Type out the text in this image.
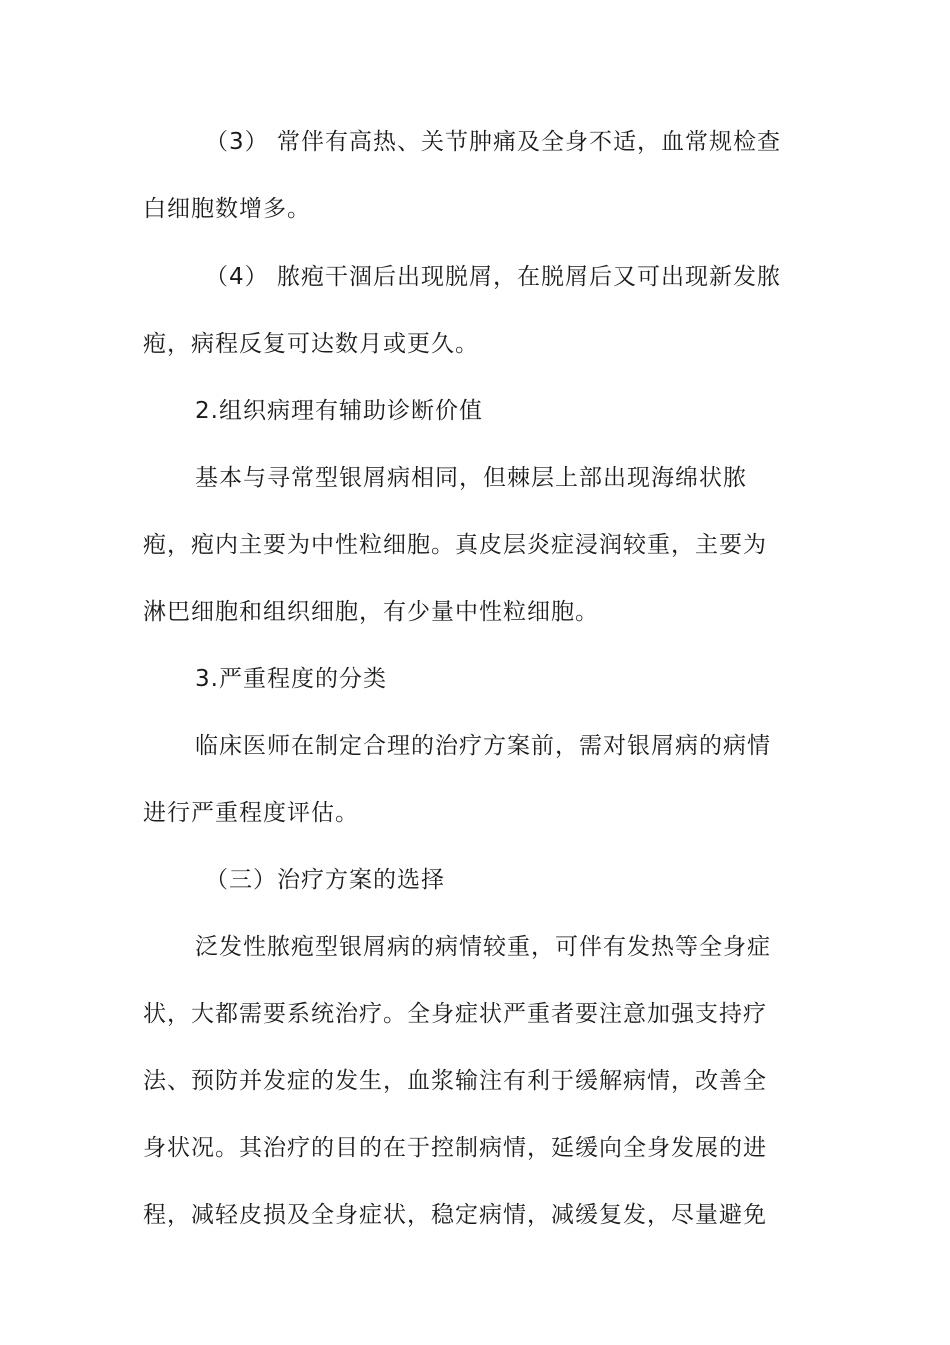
（3） 常伴有高热、关节肿痛及全身不适，血常规检查
白细胞数增多。
（4） 脓疱干涸后出现脱屑，在脱屑后又可出现新发脓
疱，病程反复可达数月或更久。
2.组织病理有辅助诊断价值
基本与寻常型银屑病相同，但棘层上部出现海绵状脓
疱，疱内主要为中性粒细胞。真皮层炎症浸润较重，主要为
淋巴细胞和组织细胞，有少量中性粒细胞。
3.严重程度的分类
临床医师在制定合理的治疗方案前，需对银屑病的病情
进行严重程度评估。
（三）治疗方案的选择
泛发性脓疱型银屑病的病情较重，可伴有发热等全身症
状，大都需要系统治疗。全身症状严重者要注意加强支持疗
法、预防并发症的发生，血浆输注有利于缓解病情，改善全
身状况。其治疗的目的在于控制病情，延缓向全身发展的进
程，减轻皮损及全身症状，稳定病情，减缓复发，尽量避免
